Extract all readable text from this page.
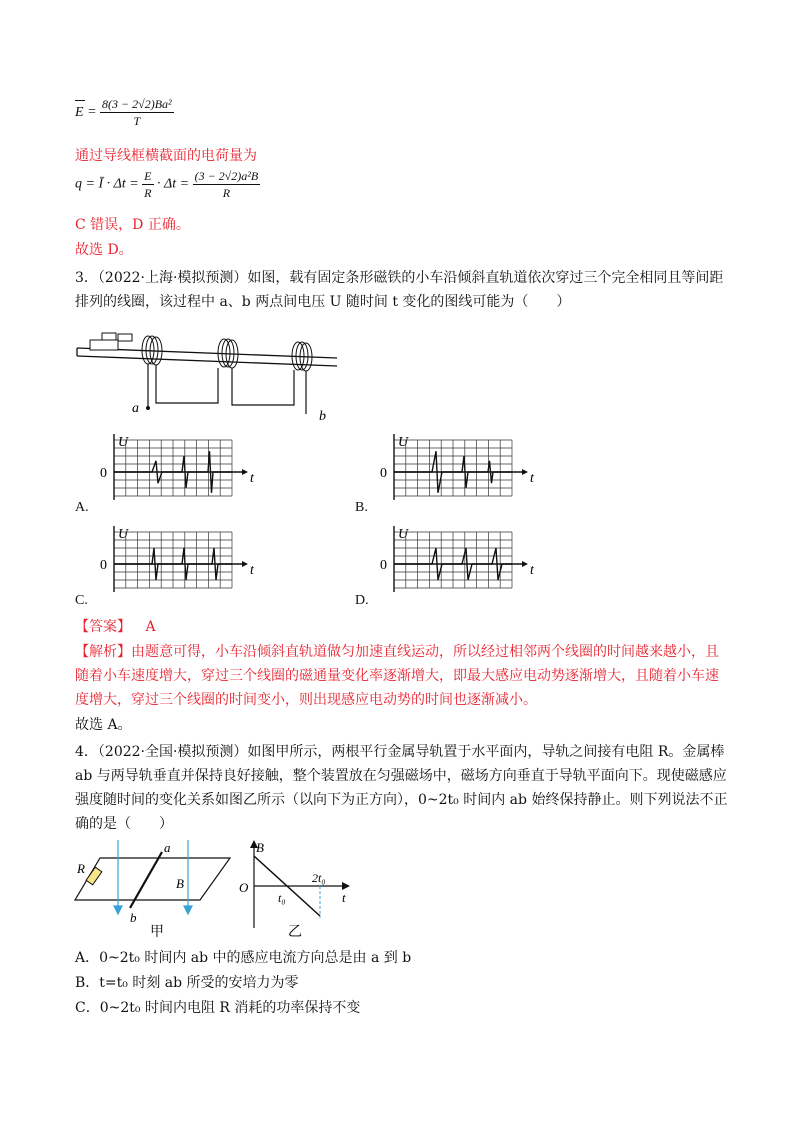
$E = \frac{\text{8(3 − 2√2)Ba²}}{T}$
通过导线框横截面的电荷量为
q = Ī · $\Delta t = \frac{E}{R} \cdot \Delta t = \frac{\text{(3 − 2√2)a²B}}{R}$
C 错误，D 正确。
故选 D。
3．（2022·上海·模拟预测）如图，载有固定条形磁铁的小车沿倾斜直轨道依次穿过三个完全相同且等间距
排列的线圈，该过程中 a、b 两点间电压 U 随时间 t 变化的图线可能为（　　）
a
b
U
0	t
U
0	t
U
0	t
U
0	t
A.	B.
C.	D.
【答案】 A
【解析】由题意可得，小车沿倾斜直轨道做匀加速直线运动，所以经过相邻两个线圈的时间越来越小，且
随着小车速度增大，穿过三个线圈的磁通量变化率逐渐增大，即最大感应电动势逐渐增大，且随着小车速
度增大，穿过三个线圈的时间变小，则出现感应电动势的时间也逐渐减小。
故选 A。
4．（2022·全国·模拟预测）如图甲所示，两根平行金属导轨置于水平面内，导轨之间接有电阻 R。金属棒
ab 与两导轨垂直并保持良好接触，整个装置放在匀强磁场中，磁场方向垂直于导轨平面向下。现使磁感应
强度随时间的变化关系如图乙所示（以向下为正方向），0~2t₀ 时间内 ab 始终保持静止。则下列说法不正
确的是（　　）
R
a
b
B
甲
B
O
t
t₀
2t₀
乙
A．0~2t₀ 时间内 ab 中的感应电流方向总是由 a 到 b
B．t=t₀ 时刻 ab 所受的安培力为零
C．0~2t₀ 时间内电阻 R 消耗的功率保持不变
